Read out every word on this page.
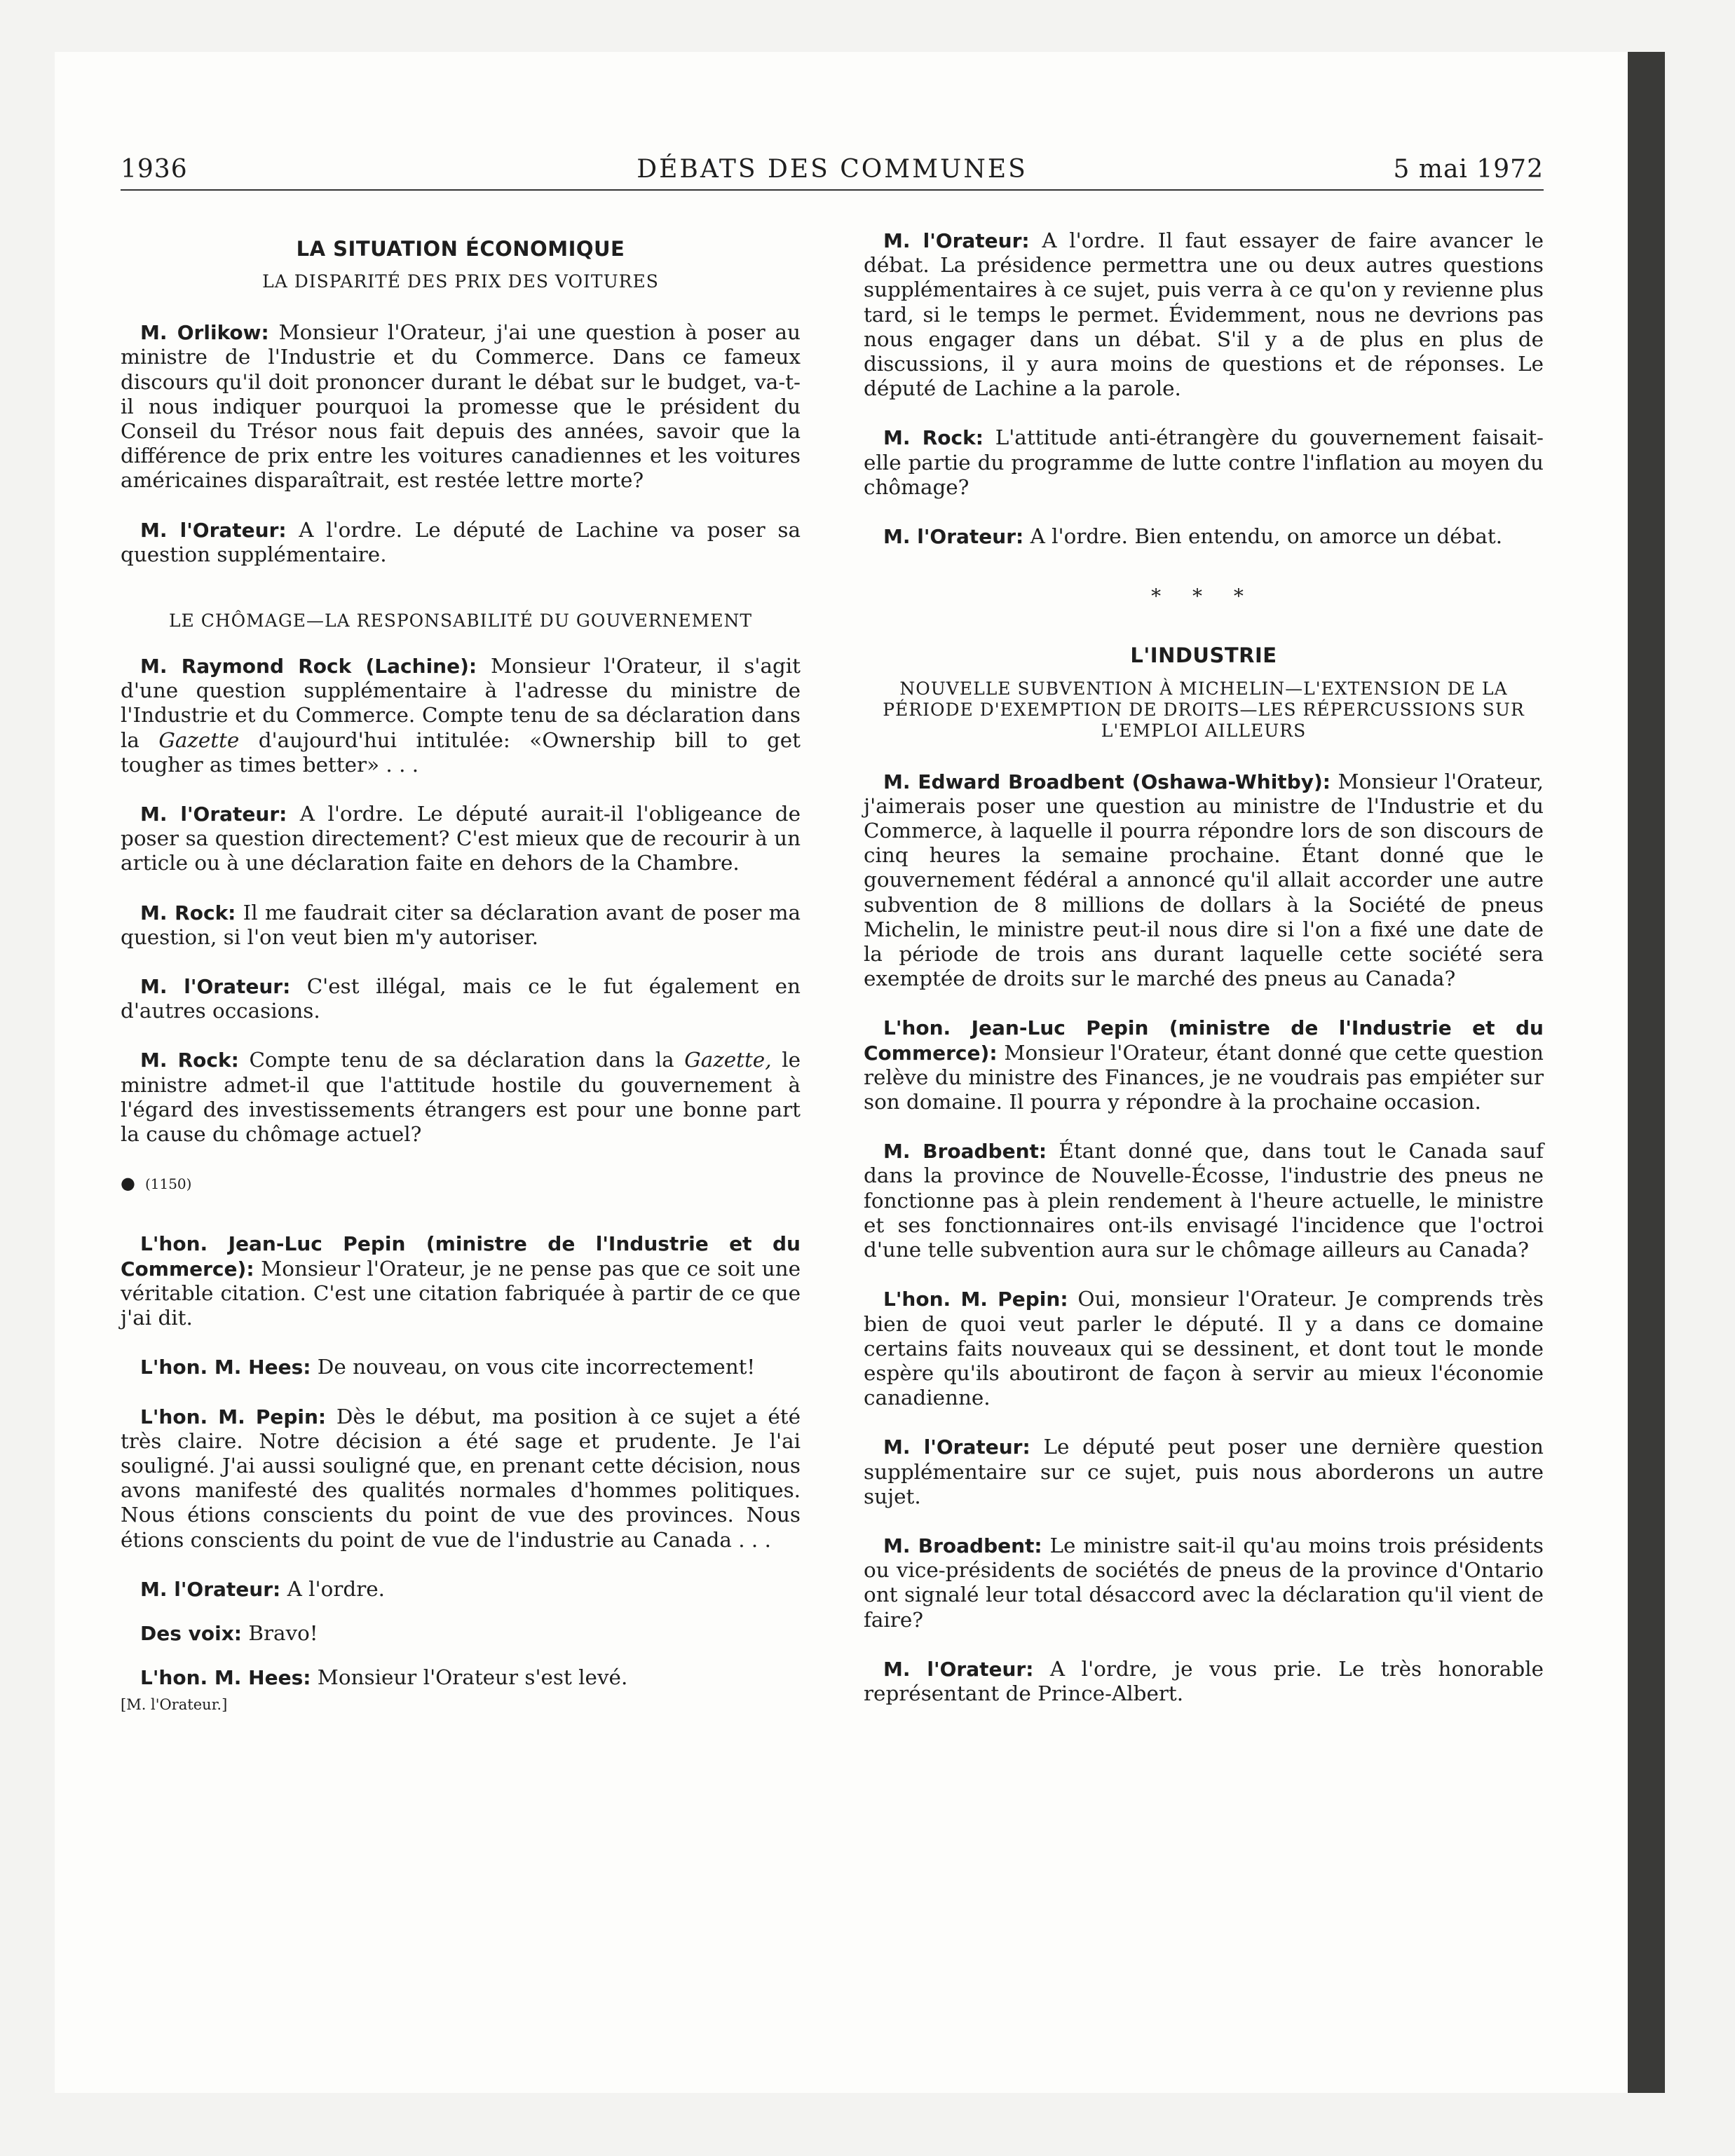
1936	DÉBATS DES COMMUNES	5 mai 1972
LA SITUATION ÉCONOMIQUE
LA DISPARITÉ DES PRIX DES VOITURES

M. Orlikow: Monsieur l'Orateur, j'ai une question à poser au ministre de l'Industrie et du Commerce. Dans ce fameux discours qu'il doit prononcer durant le débat sur le budget, va-t-il nous indiquer pourquoi la promesse que le président du Conseil du Trésor nous fait depuis des années, savoir que la différence de prix entre les voitures canadiennes et les voitures américaines disparaîtrait, est restée lettre morte?

M. l'Orateur: A l'ordre. Le député de Lachine va poser sa question supplémentaire.

LE CHÔMAGE—LA RESPONSABILITÉ DU GOUVERNEMENT

M. Raymond Rock (Lachine): Monsieur l'Orateur, il s'agit d'une question supplémentaire à l'adresse du ministre de l'Industrie et du Commerce. Compte tenu de sa déclaration dans la Gazette d'aujourd'hui intitulée: «Ownership bill to get tougher as times better» . . .

M. l'Orateur: A l'ordre. Le député aurait-il l'obligeance de poser sa question directement? C'est mieux que de recourir à un article ou à une déclaration faite en dehors de la Chambre.

M. Rock: Il me faudrait citer sa déclaration avant de poser ma question, si l'on veut bien m'y autoriser.

M. l'Orateur: C'est illégal, mais ce le fut également en d'autres occasions.

M. Rock: Compte tenu de sa déclaration dans la Gazette, le ministre admet-il que l'attitude hostile du gouvernement à l'égard des investissements étrangers est pour une bonne part la cause du chômage actuel?

● (1150)

L'hon. Jean-Luc Pepin (ministre de l'Industrie et du Commerce): Monsieur l'Orateur, je ne pense pas que ce soit une véritable citation. C'est une citation fabriquée à partir de ce que j'ai dit.

L'hon. M. Hees: De nouveau, on vous cite incorrectement!

L'hon. M. Pepin: Dès le début, ma position à ce sujet a été très claire. Notre décision a été sage et prudente. Je l'ai souligné. J'ai aussi souligné que, en prenant cette décision, nous avons manifesté des qualités normales d'hommes politiques. Nous étions conscients du point de vue des provinces. Nous étions conscients du point de vue de l'industrie au Canada . . .

M. l'Orateur: A l'ordre.

Des voix: Bravo!

L'hon. M. Hees: Monsieur l'Orateur s'est levé.

[M. l'Orateur.]

M. l'Orateur: A l'ordre. Il faut essayer de faire avancer le débat. La présidence permettra une ou deux autres questions supplémentaires à ce sujet, puis verra à ce qu'on y revienne plus tard, si le temps le permet. Évidemment, nous ne devrions pas nous engager dans un débat. S'il y a de plus en plus de discussions, il y aura moins de questions et de réponses. Le député de Lachine a la parole.

M. Rock: L'attitude anti-étrangère du gouvernement faisait-elle partie du programme de lutte contre l'inflation au moyen du chômage?

M. l'Orateur: A l'ordre. Bien entendu, on amorce un débat.

* * *
L'INDUSTRIE
NOUVELLE SUBVENTION À MICHELIN—L'EXTENSION DE LA PÉRIODE D'EXEMPTION DE DROITS—LES RÉPERCUSSIONS SUR L'EMPLOI AILLEURS

M. Edward Broadbent (Oshawa-Whitby): Monsieur l'Orateur, j'aimerais poser une question au ministre de l'Industrie et du Commerce, à laquelle il pourra répondre lors de son discours de cinq heures la semaine prochaine. Étant donné que le gouvernement fédéral a annoncé qu'il allait accorder une autre subvention de 8 millions de dollars à la Société de pneus Michelin, le ministre peut-il nous dire si l'on a fixé une date de la période de trois ans durant laquelle cette société sera exemptée de droits sur le marché des pneus au Canada?

L'hon. Jean-Luc Pepin (ministre de l'Industrie et du Commerce): Monsieur l'Orateur, étant donné que cette question relève du ministre des Finances, je ne voudrais pas empiéter sur son domaine. Il pourra y répondre à la prochaine occasion.

M. Broadbent: Étant donné que, dans tout le Canada sauf dans la province de Nouvelle-Écosse, l'industrie des pneus ne fonctionne pas à plein rendement à l'heure actuelle, le ministre et ses fonctionnaires ont-ils envisagé l'incidence que l'octroi d'une telle subvention aura sur le chômage ailleurs au Canada?

L'hon. M. Pepin: Oui, monsieur l'Orateur. Je comprends très bien de quoi veut parler le député. Il y a dans ce domaine certains faits nouveaux qui se dessinent, et dont tout le monde espère qu'ils aboutiront de façon à servir au mieux l'économie canadienne.

M. l'Orateur: Le député peut poser une dernière question supplémentaire sur ce sujet, puis nous aborderons un autre sujet.

M. Broadbent: Le ministre sait-il qu'au moins trois présidents ou vice-présidents de sociétés de pneus de la province d'Ontario ont signalé leur total désaccord avec la déclaration qu'il vient de faire?

M. l'Orateur: A l'ordre, je vous prie. Le très honorable représentant de Prince-Albert.
